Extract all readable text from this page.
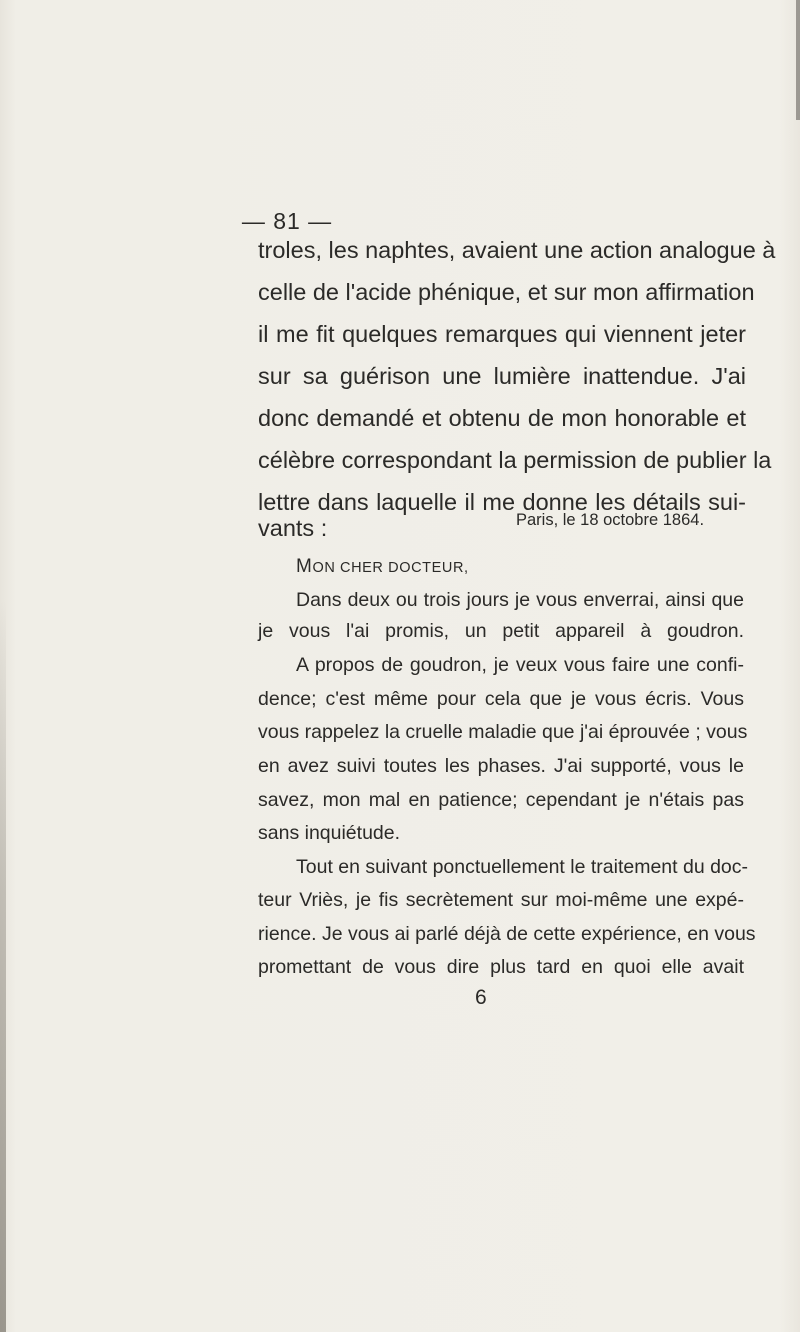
— 81 —
troles, les naphtes, avaient une action analogue à
celle de l'acide phénique, et sur mon affirmation
il me fit quelques remarques qui viennent jeter
sur sa guérison une lumière inattendue. J'ai
donc demandé et obtenu de mon honorable et
célèbre correspondant la permission de publier la
lettre dans laquelle il me donne les détails sui-
vants :	Paris, le 18 octobre 1864.
MON CHER DOCTEUR,
Dans deux ou trois jours je vous enverrai, ainsi que
je vous l'ai promis, un petit appareil à goudron.
A propos de goudron, je veux vous faire une confi-
dence; c'est même pour cela que je vous écris. Vous
vous rappelez la cruelle maladie que j'ai éprouvée ; vous
en avez suivi toutes les phases. J'ai supporté, vous le
savez, mon mal en patience; cependant je n'étais pas
sans inquiétude.
Tout en suivant ponctuellement le traitement du doc-
teur Vriès, je fis secrètement sur moi-même une expé-
rience. Je vous ai parlé déjà de cette expérience, en vous
promettant de vous dire plus tard en quoi elle avait
6
